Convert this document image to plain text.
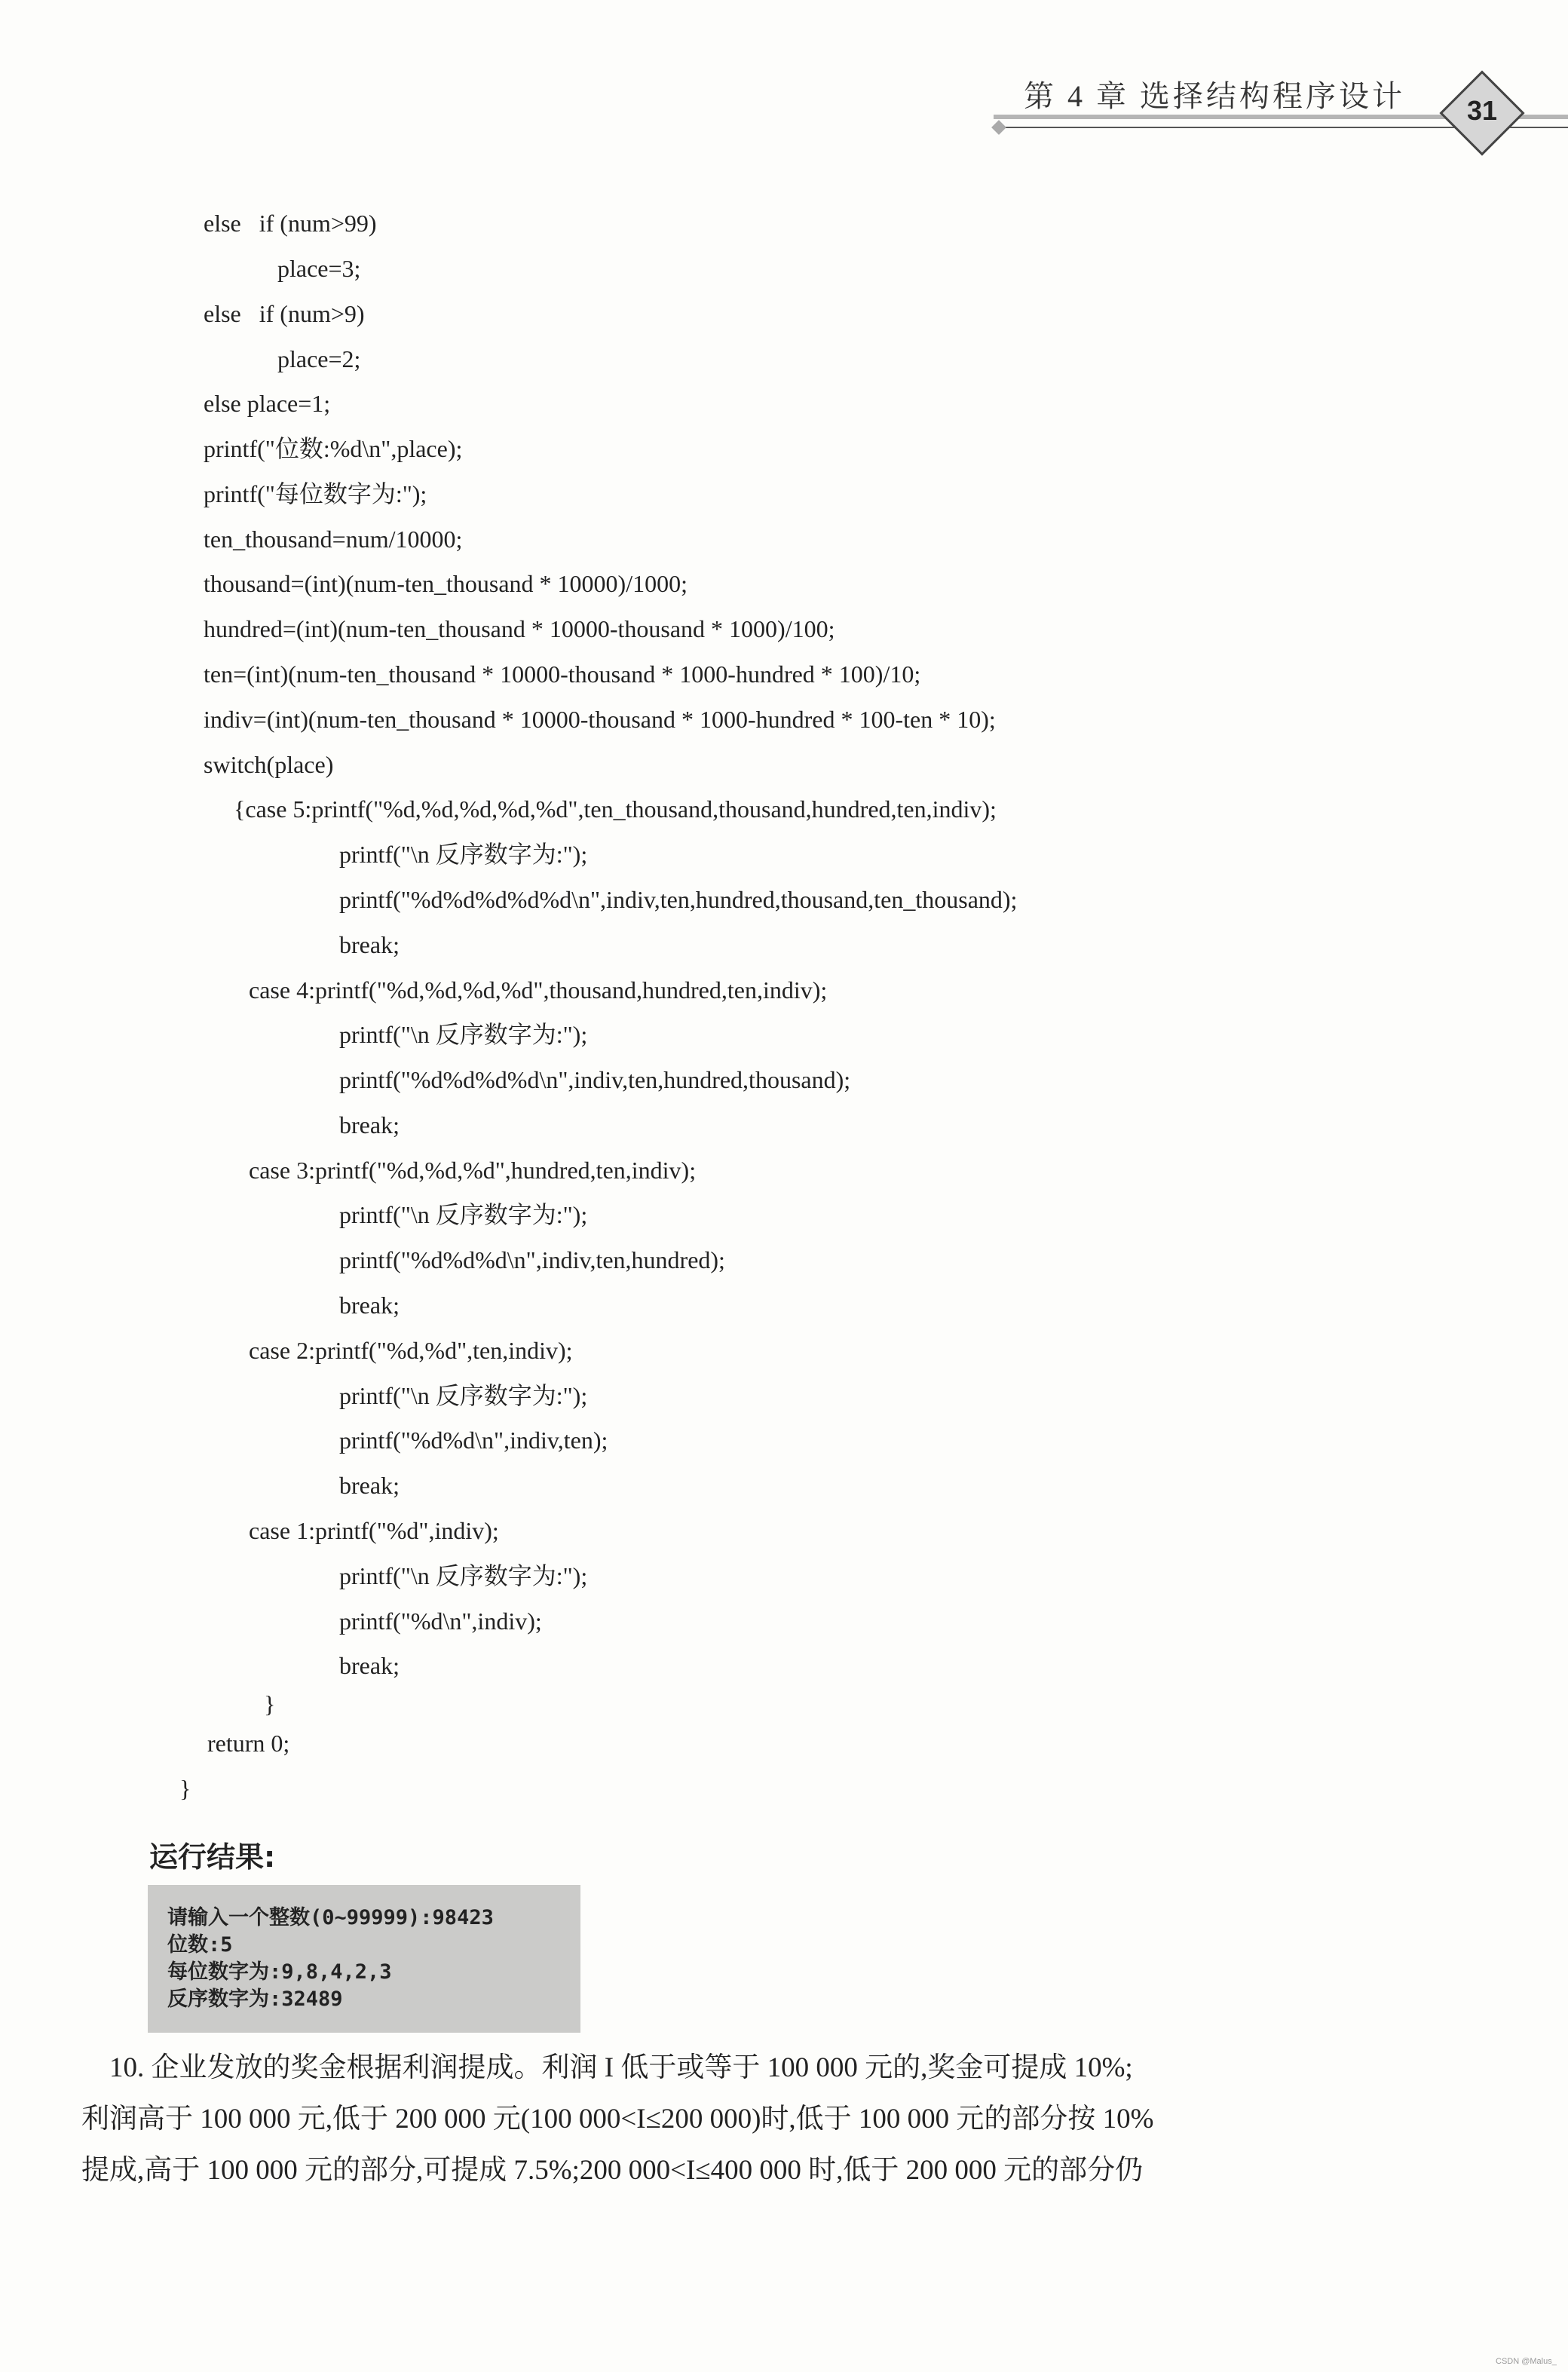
第 4 章 选择结构程序设计	31
else   if (num>99)
place=3;
else   if (num>9)
place=2;
else place=1;
printf("位数:%d\n",place);
printf("每位数字为:");
ten_thousand=num/10000;
thousand=(int)(num-ten_thousand * 10000)/1000;
hundred=(int)(num-ten_thousand * 10000-thousand * 1000)/100;
ten=(int)(num-ten_thousand * 10000-thousand * 1000-hundred * 100)/10;
indiv=(int)(num-ten_thousand * 10000-thousand * 1000-hundred * 100-ten * 10);
switch(place)
{case 5:printf("%d,%d,%d,%d,%d",ten_thousand,thousand,hundred,ten,indiv);
printf("\n 反序数字为:");
printf("%d%d%d%d%d\n",indiv,ten,hundred,thousand,ten_thousand);
break;
case 4:printf("%d,%d,%d,%d",thousand,hundred,ten,indiv);
printf("\n 反序数字为:");
printf("%d%d%d%d\n",indiv,ten,hundred,thousand);
break;
case 3:printf("%d,%d,%d",hundred,ten,indiv);
printf("\n 反序数字为:");
printf("%d%d%d\n",indiv,ten,hundred);
break;
case 2:printf("%d,%d",ten,indiv);
printf("\n 反序数字为:");
printf("%d%d\n",indiv,ten);
break;
case 1:printf("%d",indiv);
printf("\n 反序数字为:");
printf("%d\n",indiv);
break;
}
return 0;
}
运行结果:
请输入一个整数(0~99999):98423
位数:5
每位数字为:9,8,4,2,3
反序数字为:32489
10. 企业发放的奖金根据利润提成。利润 I 低于或等于 100 000 元的,奖金可提成 10%;
利润高于 100 000 元,低于 200 000 元(100 000<I≤200 000)时,低于 100 000 元的部分按 10%
提成,高于 100 000 元的部分,可提成 7.5%;200 000<I≤400 000 时,低于 200 000 元的部分仍
CSDN @Malus_
